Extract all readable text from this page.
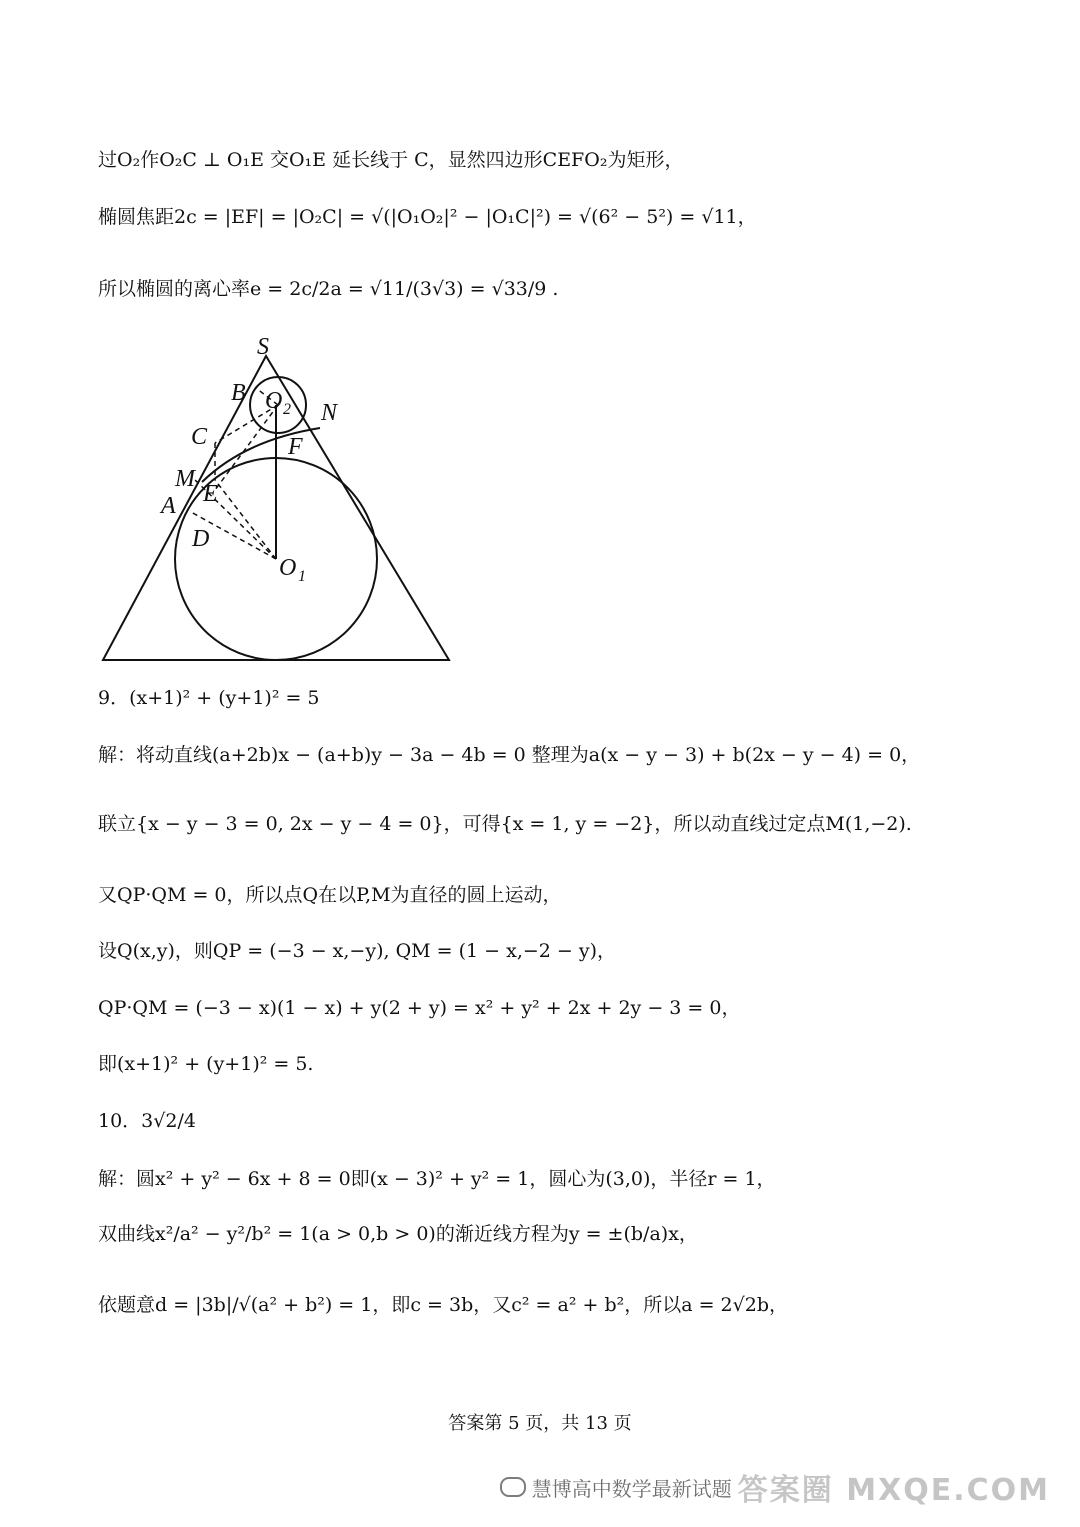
过O₂作O₂C ⊥ O₁E 交O₁E 延长线于 C，显然四边形CEFO₂为矩形，
椭圆焦距2c = |EF| = |O₂C| = √(|O₁O₂|² − |O₁C|²) = √(6² − 5²) = √11，
所以椭圆的离心率e = 2c/2a = √11/(3√3) = √33/9 .
S
B O 2 N
C	F
M
E
A
D
O 1
9．(x+1)² + (y+1)² = 5
解：将动直线(a+2b)x − (a+b)y − 3a − 4b = 0 整理为a(x − y − 3) + b(2x − y − 4) = 0，
联立{x − y − 3 = 0, 2x − y − 4 = 0}，可得{x = 1, y = −2}，所以动直线过定点M(1,−2).
又QP·QM = 0，所以点Q在以P,M为直径的圆上运动，
设Q(x,y)，则QP = (−3 − x,−y), QM = (1 − x,−2 − y)，
QP·QM = (−3 − x)(1 − x) + y(2 + y) = x² + y² + 2x + 2y − 3 = 0，
即(x+1)² + (y+1)² = 5.
10．3√2/4
解：圆x² + y² − 6x + 8 = 0即(x − 3)² + y² = 1，圆心为(3,0)，半径r = 1，
双曲线x²/a² − y²/b² = 1(a > 0,b > 0)的渐近线方程为y = ±(b/a)x，
依题意d = |3b|/√(a² + b²) = 1，即c = 3b，又c² = a² + b²，所以a = 2√2b，
答案第 5 页，共 13 页
慧博高中数学最新试题 答案圈 MXQE.COM
